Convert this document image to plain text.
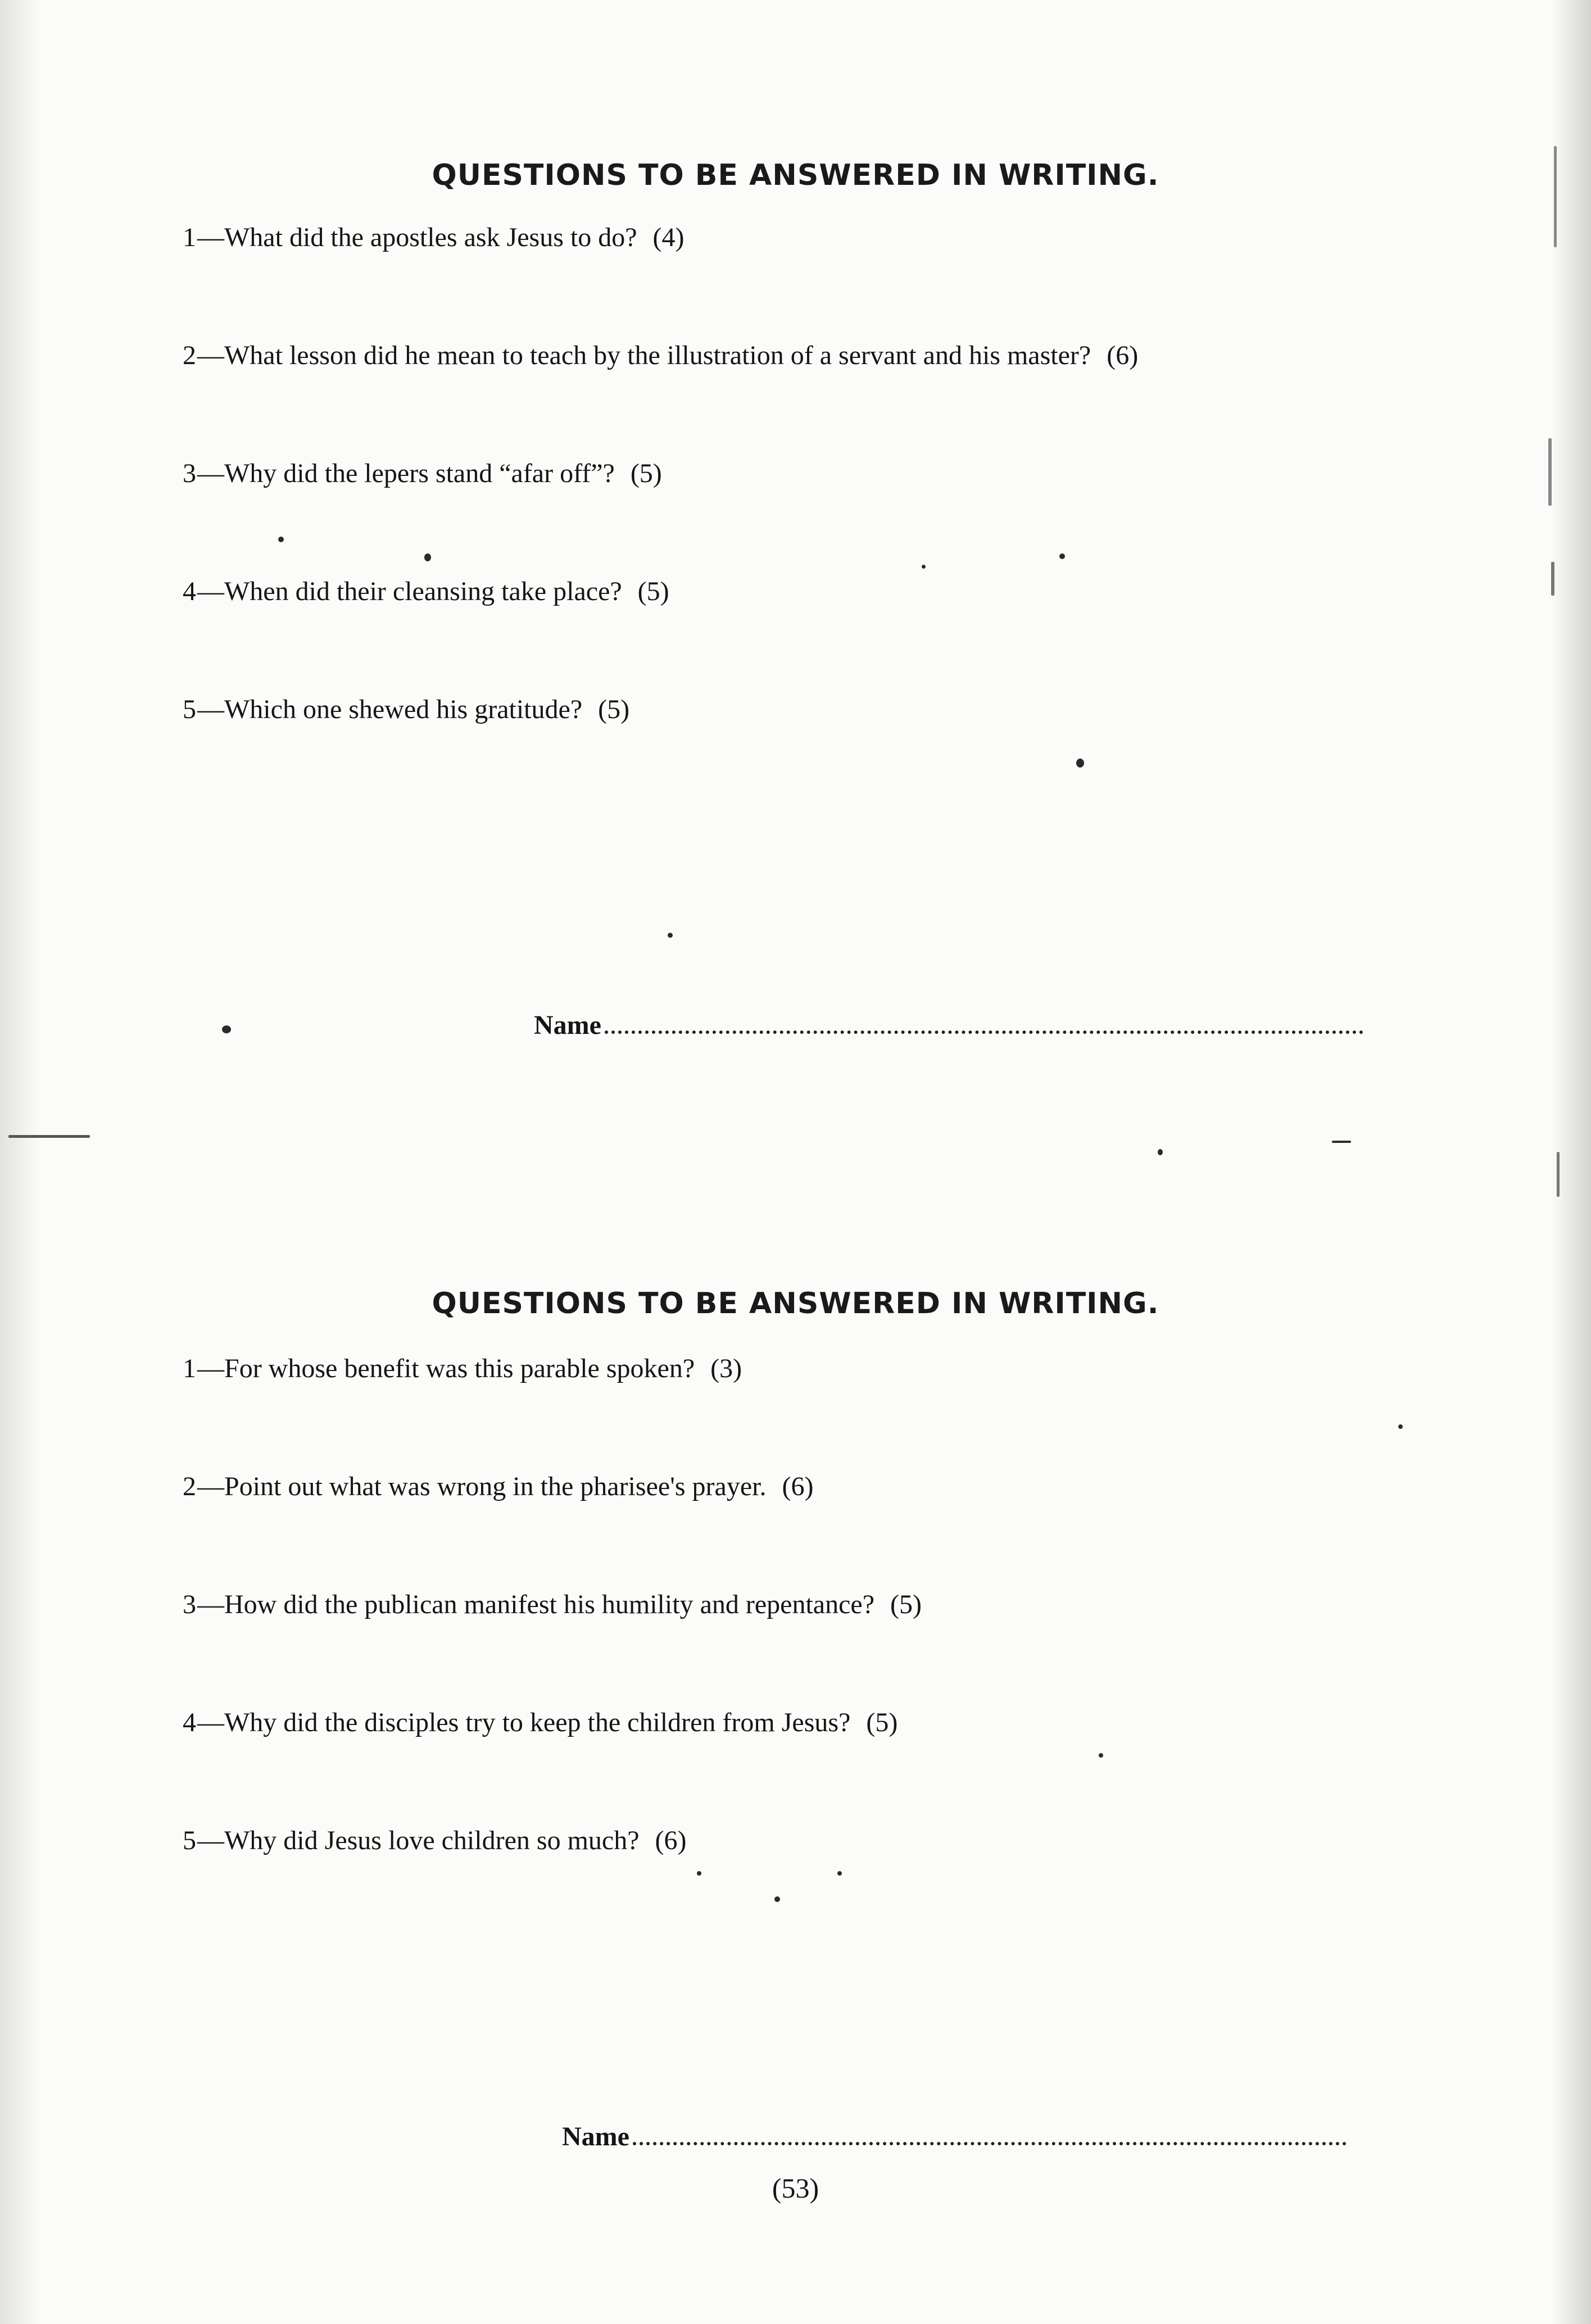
QUESTIONS TO BE ANSWERED IN WRITING.
1—What did the apostles ask Jesus to do? (4)
2—What lesson did he mean to teach by the illustration of a servant and his master? (6)
3—Why did the lepers stand “afar off”? (5)
4—When did their cleansing take place? (5)
5—Which one shewed his gratitude? (5)
Name
QUESTIONS TO BE ANSWERED IN WRITING.
1—For whose benefit was this parable spoken? (3)
2—Point out what was wrong in the pharisee's prayer. (6)
3—How did the publican manifest his humility and repentance? (5)
4—Why did the disciples try to keep the children from Jesus? (5)
5—Why did Jesus love children so much? (6)
Name
(53)
